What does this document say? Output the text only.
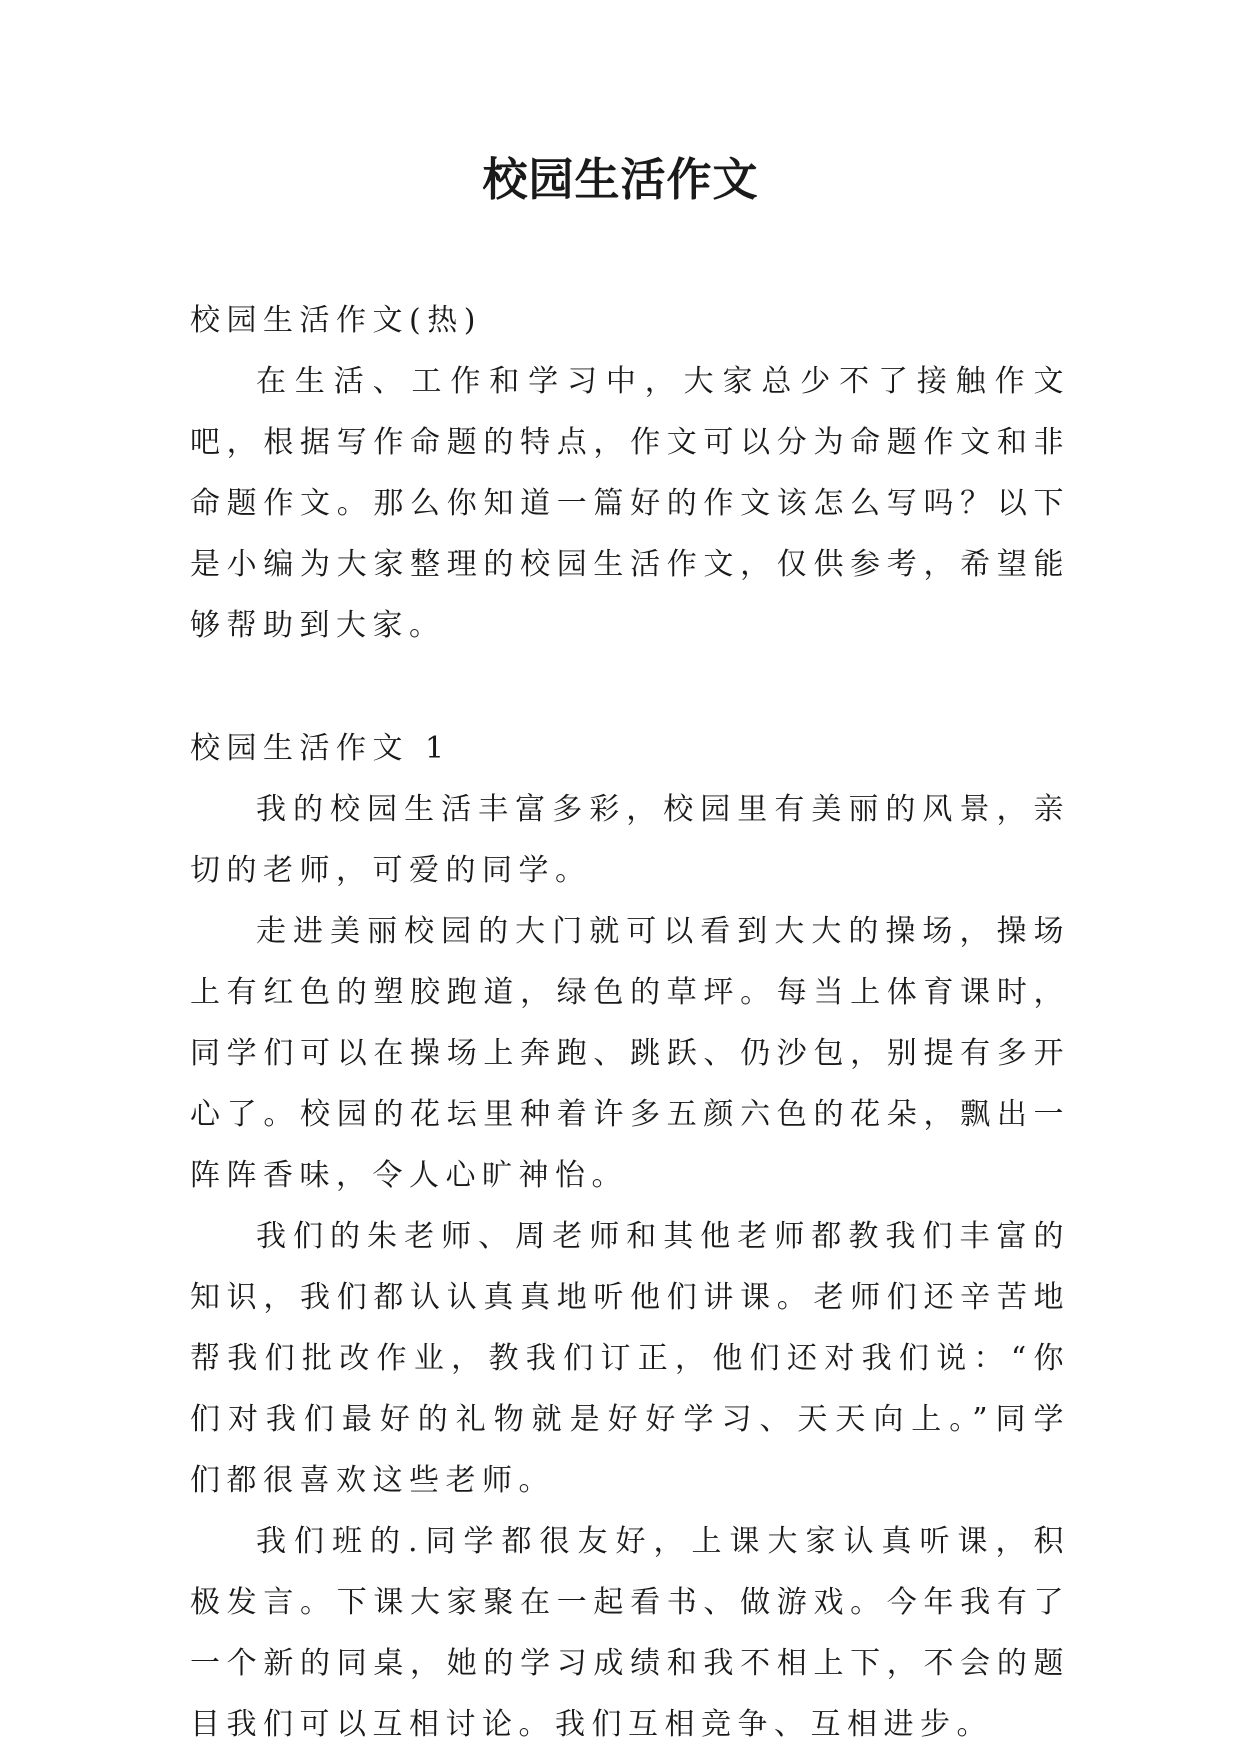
校园生活作文

校园生活作文(热)

在生活、工作和学习中，大家总少不了接触作文吧，根据写作命题的特点，作文可以分为命题作文和非命题作文。那么你知道一篇好的作文该怎么写吗？以下是小编为大家整理的校园生活作文，仅供参考，希望能够帮助到大家。

校园生活作文 1

我的校园生活丰富多彩，校园里有美丽的风景，亲切的老师，可爱的同学。

走进美丽校园的大门就可以看到大大的操场，操场上有红色的塑胶跑道，绿色的草坪。每当上体育课时，同学们可以在操场上奔跑、跳跃、仍沙包，别提有多开心了。校园的花坛里种着许多五颜六色的花朵，飘出一阵阵香味，令人心旷神怡。

我们的朱老师、周老师和其他老师都教我们丰富的知识，我们都认认真真地听他们讲课。老师们还辛苦地帮我们批改作业，教我们订正，他们还对我们说：“你们对我们最好的礼物就是好好学习、天天向上。”同学们都很喜欢这些老师。

我们班的.同学都很友好，上课大家认真听课，积极发言。下课大家聚在一起看书、做游戏。今年我有了一个新的同桌，她的学习成绩和我不相上下，不会的题目我们可以互相讨论。我们互相竞争、互相进步。
